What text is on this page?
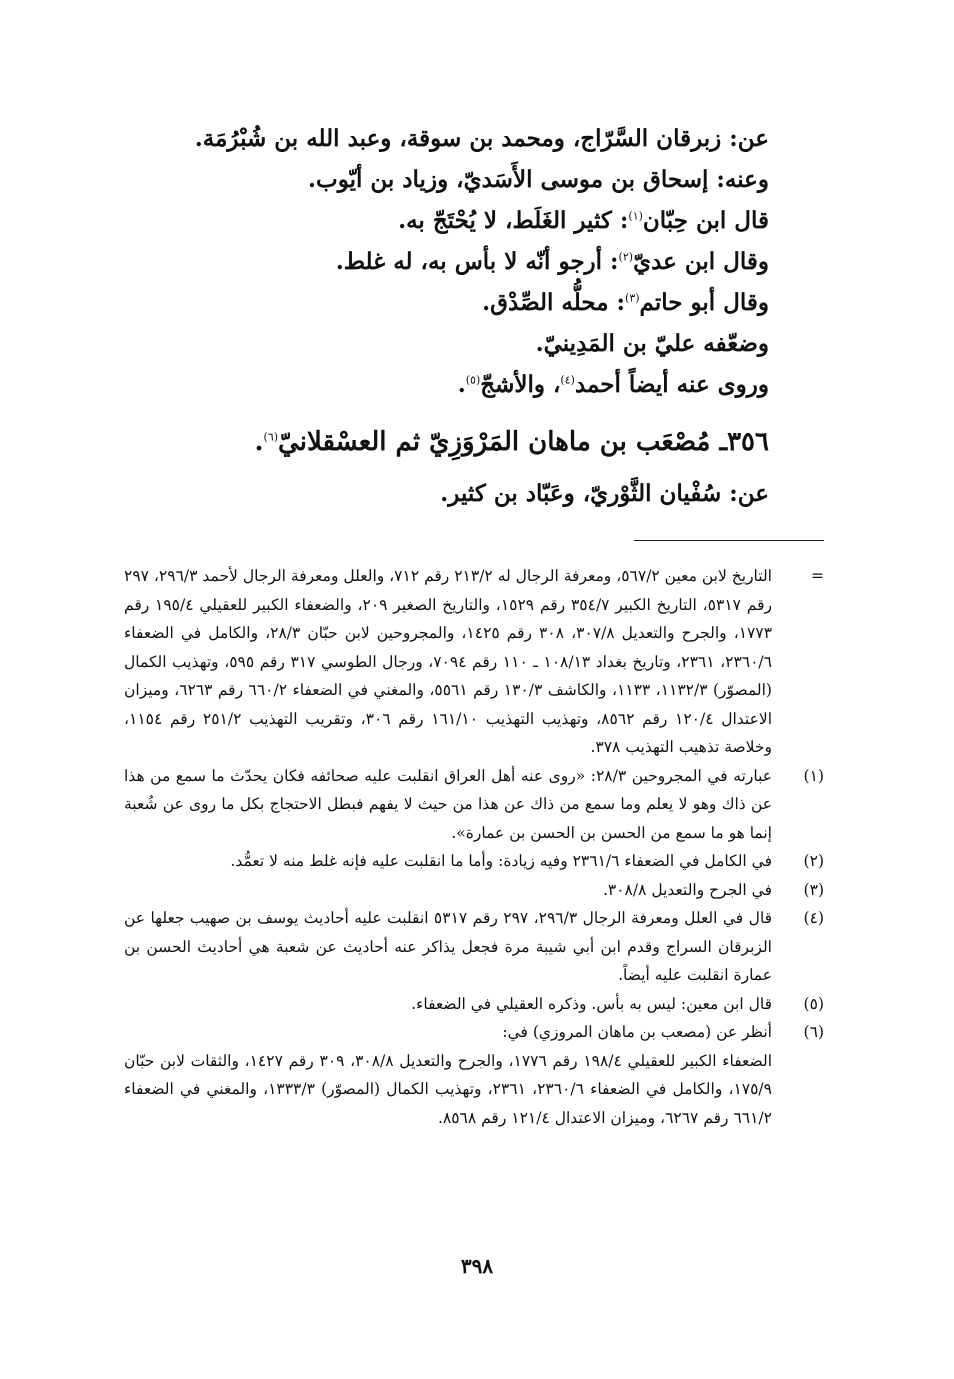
عن: زبرقان السَّرّاج، ومحمد بن سوقة، وعبد الله بن شُبْرُمَة.

وعنه: إسحاق بن موسى الأَسَديّ، وزياد بن أيّوب.

قال ابن حِبّان$^{(١)}$: كثير الغَلَط، لا يُحْتَجّ به.

وقال ابن عديّ$^{(٢)}$: أرجو أنّه لا بأس به، له غلط.

وقال أبو حاتم$^{(٣)}$: محلُّه الصِّدْق.

وضعّفه عليّ بن المَدِينيّ.

وروى عنه أيضاً أحمد$^{(٤)}$، والأشجّ$^{(٥)}$.

٣٥٦ـ مُصْعَب بن ماهان المَرْوَزِيّ ثم العسْقلانيّ$^{(٦)}$.

عن: سُفْيان الثَّوْريّ، وعَبّاد بن كثير.

=

التاريخ لابن معين ٥٦٧/٢، ومعرفة الرجال له ٢١٣/٢ رقم ٧١٢، والعلل ومعرفة الرجال لأحمد ٢٩٦/٣، ٢٩٧ رقم ٥٣١٧، التاريخ الكبير ٣٥٤/٧ رقم ١٥٢٩، والتاريخ الصغير ٢٠٩، والضعفاء الكبير للعقيلي ١٩٥/٤ رقم ١٧٧٣، والجرح والتعديل ٣٠٧/٨، ٣٠٨ رقم ١٤٢٥، والمجروحين لابن حبّان ٢٨/٣، والكامل في الضعفاء ٢٣٦٠/٦، ٢٣٦١، وتاريخ بغداد ١٠٨/١٣ ـ ١١٠ رقم ٧٠٩٤، ورجال الطوسي ٣١٧ رقم ٥٩٥، وتهذيب الكمال (المصوّر) ١١٣٢/٣، ١١٣٣، والكاشف ١٣٠/٣ رقم ٥٥٦١، والمغني في الضعفاء ٦٦٠/٢ رقم ٦٢٦٣، وميزان الاعتدال ١٢٠/٤ رقم ٨٥٦٢، وتهذيب التهذيب ١٦١/١٠ رقم ٣٠٦، وتقريب التهذيب ٢٥١/٢ رقم ١١٥٤، وخلاصة تذهيب التهذيب ٣٧٨.

(١)

عبارته في المجروحين ٢٨/٣: «روى عنه أهل العراق انقلبت عليه صحائفه فكان يحدّث ما سمع من هذا عن ذاك وهو لا يعلم وما سمع من ذاك عن هذا من حيث لا يفهم فبطل الاحتجاج بكل ما روى عن شُعبة إنما هو ما سمع من الحسن بن الحسن بن عمارة».

(٢)

في الكامل في الضعفاء ٢٣٦١/٦ وفيه زيادة: وأما ما انقلبت عليه فإنه غلط منه لا تعمُّد.

(٣)

في الجرح والتعديل ٣٠٨/٨.

(٤)

قال في العلل ومعرفة الرجال ٢٩٦/٣، ٢٩٧ رقم ٥٣١٧ انقلبت عليه أحاديث يوسف بن صهيب جعلها عن الزبرقان السراج وقدم ابن أبي شيبة مرة فجعل يذاكر عنه أحاديث عن شعبة هي أحاديث الحسن بن عمارة انقلبت عليه أيضاً.

(٥)

قال ابن معين: ليس به بأس. وذكره العقيلي في الضعفاء.

(٦)

أنظر عن (مصعب بن ماهان المروزي) في:

الضعفاء الكبير للعقيلي ١٩٨/٤ رقم ١٧٧٦، والجرح والتعديل ٣٠٨/٨، ٣٠٩ رقم ١٤٢٧، والثقات لابن حبّان ١٧٥/٩، والكامل في الضعفاء ٢٣٦٠/٦، ٢٣٦١، وتهذيب الكمال (المصوّر) ١٣٣٣/٣، والمغني في الضعفاء ٦٦١/٢ رقم ٦٢٦٧، وميزان الاعتدال ١٢١/٤ رقم ٨٥٦٨.

٣٩٨
